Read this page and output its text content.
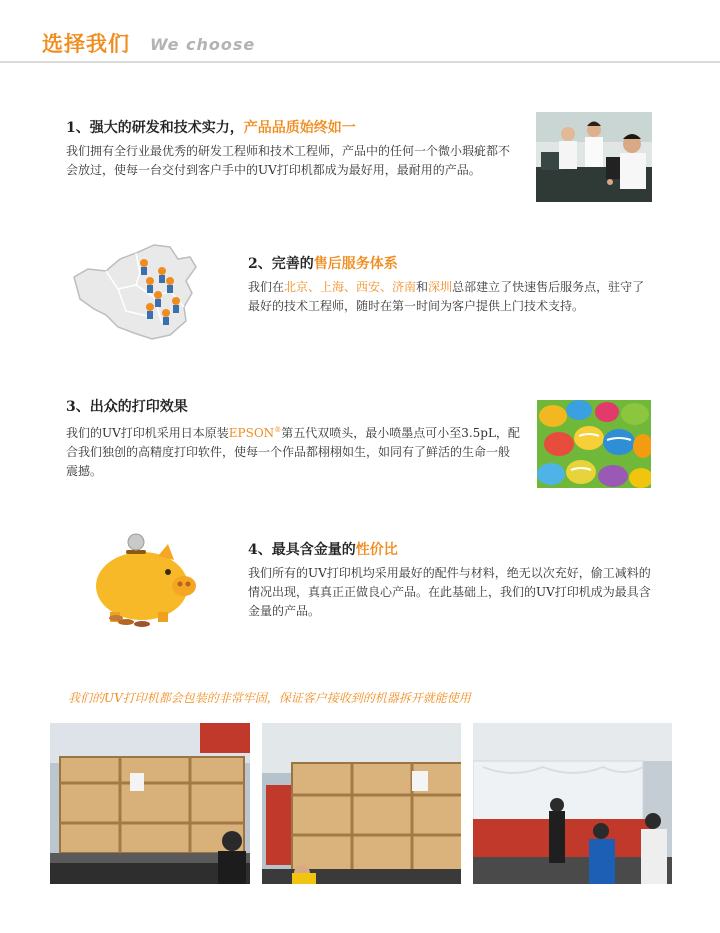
选择我们 We choose
1、强大的研发和技术实力，产品品质始终如一
我们拥有全行业最优秀的研发工程师和技术工程师，产品中的任何一个微小瑕疵都不会放过，使每一台交付到客户手中的UV打印机都成为最好用，最耐用的产品。
2、完善的售后服务体系
我们在北京、上海、西安、济南和深圳总部建立了快速售后服务点，驻守了最好的技术工程师，随时在第一时间为客户提供上门技术支持。
3、出众的打印效果
我们的UV打印机采用日本原装EPSON®第五代双喷头，最小喷墨点可小至3.5pL，配合我们独创的高精度打印软件，使每一个作品都栩栩如生，如同有了鲜活的生命一般震撼。
4、最具含金量的性价比
我们所有的UV打印机均采用最好的配件与材料，绝无以次充好，偷工减料的情况出现，真真正正做良心产品。在此基础上，我们的UV打印机成为最具含金量的产品。
我们的UV打印机都会包装的非常牢固，保证客户接收到的机器拆开就能使用
